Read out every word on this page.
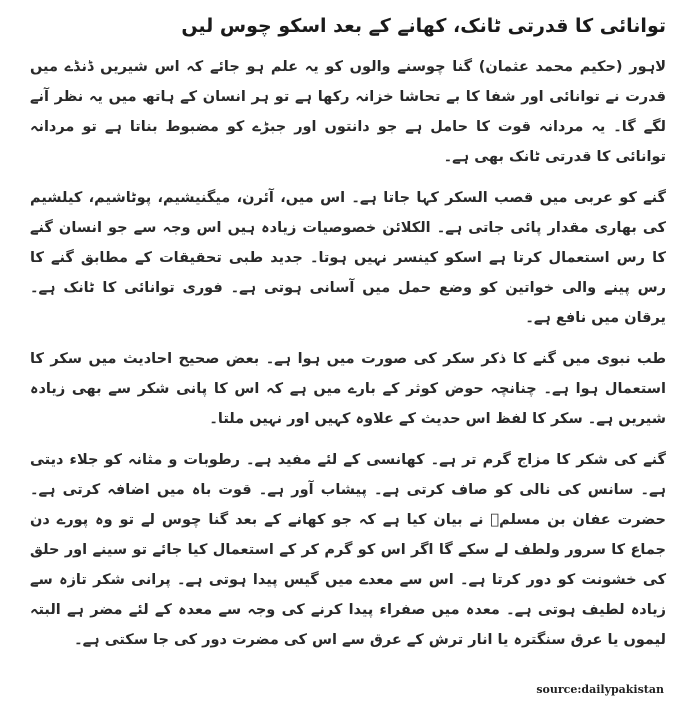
توانائی کا قدرتی ٹانک، کھانے کے بعد اسکو چوس لیں

لاہور (حکیم محمد عثمان) گنا چوسنے والوں کو یہ علم ہو جائے کہ اس شیریں ڈنڈے میں قدرت نے توانائی اور شفا کا بے تحاشا خزانہ رکھا ہے تو ہر انسان کے ہاتھ میں یہ نظر آنے لگے گا۔ یہ مردانہ قوت کا حامل ہے جو دانتوں اور جبڑے کو مضبوط بناتا ہے تو مردانہ توانائی کا قدرتی ٹانک بھی ہے۔

گنے کو عربی میں قصب السکر کہا جاتا ہے۔ اس میں، آئرن، میگنیشیم، پوٹاشیم، کیلشیم کی بھاری مقدار پائی جاتی ہے۔ الکلائن خصوصیات زیادہ ہیں اس وجہ سے جو انسان گنے کا رس استعمال کرتا ہے اسکو کینسر نہیں ہوتا۔ جدید طبی تحقیقات کے مطابق گنے کا رس پینے والی خواتین کو وضع حمل میں آسانی ہوتی ہے۔ فوری توانائی کا ٹانک ہے۔ یرقان میں نافع ہے۔

طب نبوی میں گنے کا ذکر سکر کی صورت میں ہوا ہے۔ بعض صحیح احادیث میں سکر کا استعمال ہوا ہے۔ چنانچہ حوض کوثر کے بارے میں ہے کہ اس کا پانی شکر سے بھی زیادہ شیریں ہے۔ سکر کا لفظ اس حدیث کے علاوہ کہیں اور نہیں ملتا۔

گنے کی شکر کا مزاج گرم تر ہے۔ کھانسی کے لئے مفید ہے۔ رطوبات و مثانہ کو جلاء دیتی ہے۔ سانس کی نالی کو صاف کرتی ہے۔ پیشاب آور ہے۔ قوت باہ میں اضافہ کرتی ہے۔ حضرت عفان بن مسلمؓ نے بیان کیا ہے کہ جو کھانے کے بعد گنا چوس لے تو وہ پورے دن جماع کا سرور ولطف لے سکے گا اگر اس کو گرم کر کے استعمال کیا جائے تو سینے اور حلق کی خشونت کو دور کرتا ہے۔ اس سے معدے میں گیس پیدا ہوتی ہے۔ پرانی شکر تازہ سے زیادہ لطیف ہوتی ہے۔ معدہ میں صفراء پیدا کرنے کی وجہ سے معدہ کے لئے مضر ہے البتہ لیموں یا عرق سنگترہ یا انار ترش کے عرق سے اس کی مضرت دور کی جا سکتی ہے۔

source:dailypakistan
